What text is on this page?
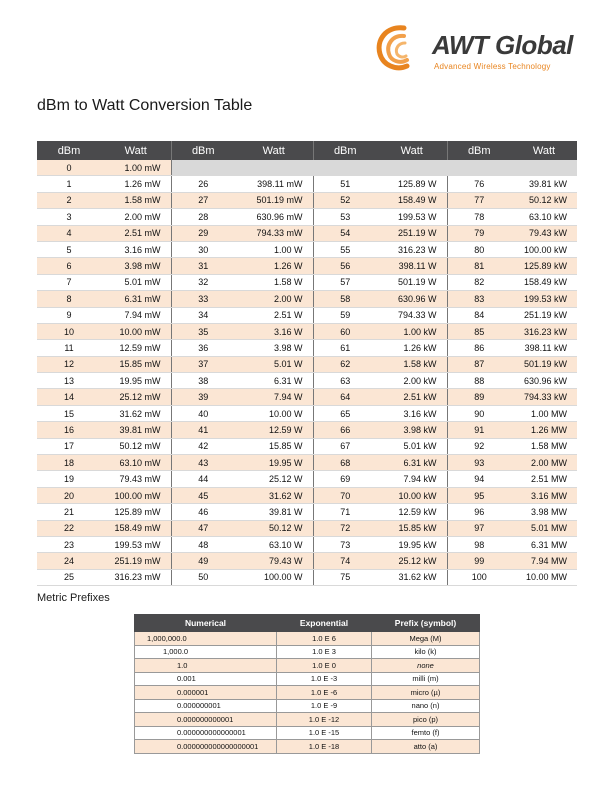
AWT Global
Advanced Wireless Technology
dBm to Watt Conversion Table
dBm	Watt	dBm	Watt	dBm	Watt	dBm	Watt
0	1.00 mW						
1	1.26 mW	26	398.11 mW	51	125.89 W	76	39.81 kW
2	1.58 mW	27	501.19 mW	52	158.49 W	77	50.12 kW
3	2.00 mW	28	630.96 mW	53	199.53 W	78	63.10 kW
4	2.51 mW	29	794.33 mW	54	251.19 W	79	79.43 kW
5	3.16 mW	30	1.00 W	55	316.23 W	80	100.00 kW
6	3.98 mW	31	1.26 W	56	398.11 W	81	125.89 kW
7	5.01 mW	32	1.58 W	57	501.19 W	82	158.49 kW
8	6.31 mW	33	2.00 W	58	630.96 W	83	199.53 kW
9	7.94 mW	34	2.51 W	59	794.33 W	84	251.19 kW
10	10.00 mW	35	3.16 W	60	1.00 kW	85	316.23 kW
11	12.59 mW	36	3.98 W	61	1.26 kW	86	398.11 kW
12	15.85 mW	37	5.01 W	62	1.58 kW	87	501.19 kW
13	19.95 mW	38	6.31 W	63	2.00 kW	88	630.96 kW
14	25.12 mW	39	7.94 W	64	2.51 kW	89	794.33 kW
15	31.62 mW	40	10.00 W	65	3.16 kW	90	1.00 MW
16	39.81 mW	41	12.59 W	66	3.98 kW	91	1.26 MW
17	50.12 mW	42	15.85 W	67	5.01 kW	92	1.58 MW
18	63.10 mW	43	19.95 W	68	6.31 kW	93	2.00 MW
19	79.43 mW	44	25.12 W	69	7.94 kW	94	2.51 MW
20	100.00 mW	45	31.62 W	70	10.00 kW	95	3.16 MW
21	125.89 mW	46	39.81 W	71	12.59 kW	96	3.98 MW
22	158.49 mW	47	50.12 W	72	15.85 kW	97	5.01 MW
23	199.53 mW	48	63.10 W	73	19.95 kW	98	6.31 MW
24	251.19 mW	49	79.43 W	74	25.12 kW	99	7.94 MW
25	316.23 mW	50	100.00 W	75	31.62 kW	100	10.00 MW
Metric Prefixes
Numerical	Exponential	Prefix (symbol)
1,000,000.0	1.0 E 6	Mega (M)
1,000.0	1.0 E 3	kilo (k)
1.0	1.0 E 0	none
0.001	1.0 E -3	milli (m)
0.000001	1.0 E -6	micro (µ)
0.000000001	1.0 E -9	nano (n)
0.000000000001	1.0 E -12	pico (p)
0.000000000000001	1.0 E -15	femto (f)
0.000000000000000001	1.0 E -18	atto (a)
